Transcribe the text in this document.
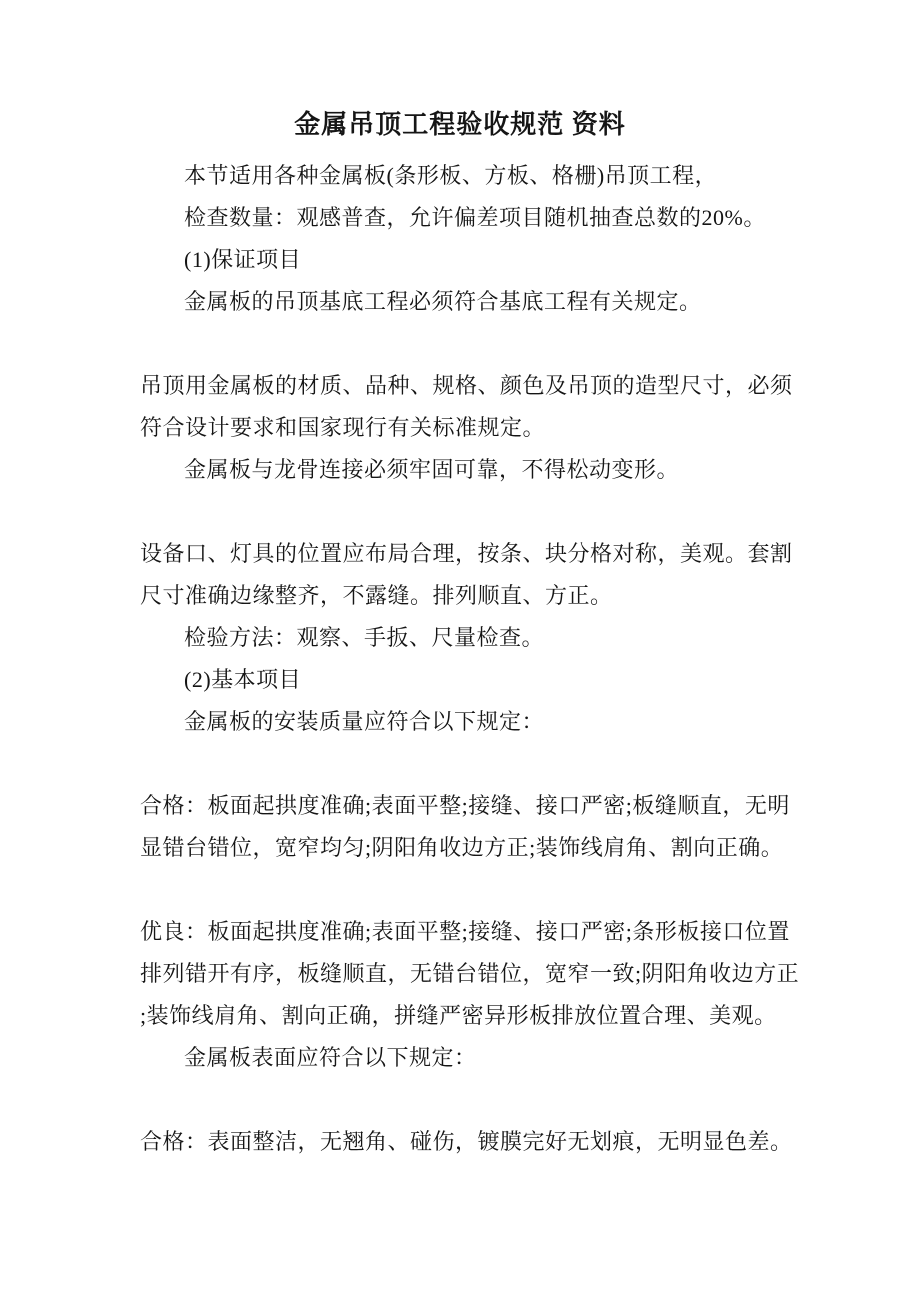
金属吊顶工程验收规范 资料

本节适用各种金属板(条形板、方板、格栅)吊顶工程，

检查数量：观感普查，允许偏差项目随机抽查总数的20%。

(1)保证项目

金属板的吊顶基底工程必须符合基底工程有关规定。

吊顶用金属板的材质、品种、规格、颜色及吊顶的造型尺寸，必须
符合设计要求和国家现行有关标准规定。

金属板与龙骨连接必须牢固可靠，不得松动变形。

设备口、灯具的位置应布局合理，按条、块分格对称，美观。套割
尺寸准确边缘整齐，不露缝。排列顺直、方正。

检验方法：观察、手扳、尺量检查。

(2)基本项目

金属板的安装质量应符合以下规定：

合格：板面起拱度准确;表面平整;接缝、接口严密;板缝顺直，无明
显错台错位，宽窄均匀;阴阳角收边方正;装饰线肩角、割向正确。

优良：板面起拱度准确;表面平整;接缝、接口严密;条形板接口位置
排列错开有序，板缝顺直，无错台错位，宽窄一致;阴阳角收边方正
;装饰线肩角、割向正确，拼缝严密异形板排放位置合理、美观。

金属板表面应符合以下规定：

合格：表面整洁，无翘角、碰伤，镀膜完好无划痕，无明显色差。
